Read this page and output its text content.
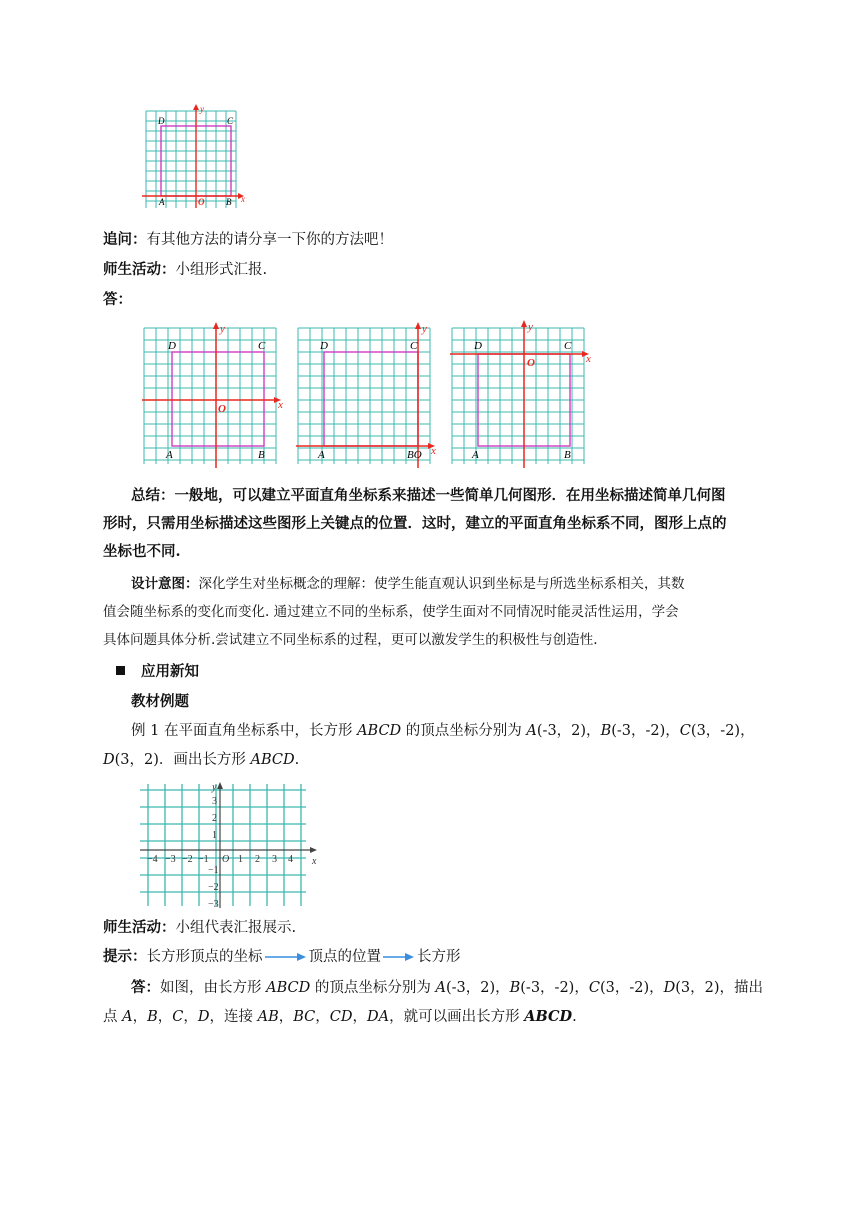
D	C
A	B
O	x
y
追问：有其他方法的请分享一下你的方法吧！
师生活动：小组形式汇报.
答：
D	C
A	B
O	x
y
D	C
A	BO x
y
D	C
A	B
O	x
y
总结：一般地，可以建立平面直角坐标系来描述一些简单几何图形．在用坐标描述简单几何图
形时，只需用坐标描述这些图形上关键点的位置．这时，建立的平面直角坐标系不同，图形上点的
坐标也不同.
设计意图：深化学生对坐标概念的理解：使学生能直观认识到坐标是与所选坐标系相关，其数
值会随坐标系的变化而变化. 通过建立不同的坐标系，使学生面对不同情况时能灵活性运用，学会
具体问题具体分析.尝试建立不同坐标系的过程，更可以激发学生的积极性与创造性.
应用新知
教材例题
例 1 在平面直角坐标系中，长方形 ABCD 的顶点坐标分别为 A(-3，2)，B(-3，-2)，C(3，-2)，
D(3，2)．画出长方形 ABCD.
−4 −3 −2 −1	1 2 3 4
3
2
1
−1
−2
−3
O	x
y
师生活动：小组代表汇报展示.
提示：长方形顶点的坐标	顶点的位置 长方形
答：如图，由长方形 ABCD 的顶点坐标分别为 A(-3，2)，B(-3，-2)，C(3，-2)，D(3，2)，描出
点 A，B，C，D，连接 AB，BC，CD，DA，就可以画出长方形 ABCD.
